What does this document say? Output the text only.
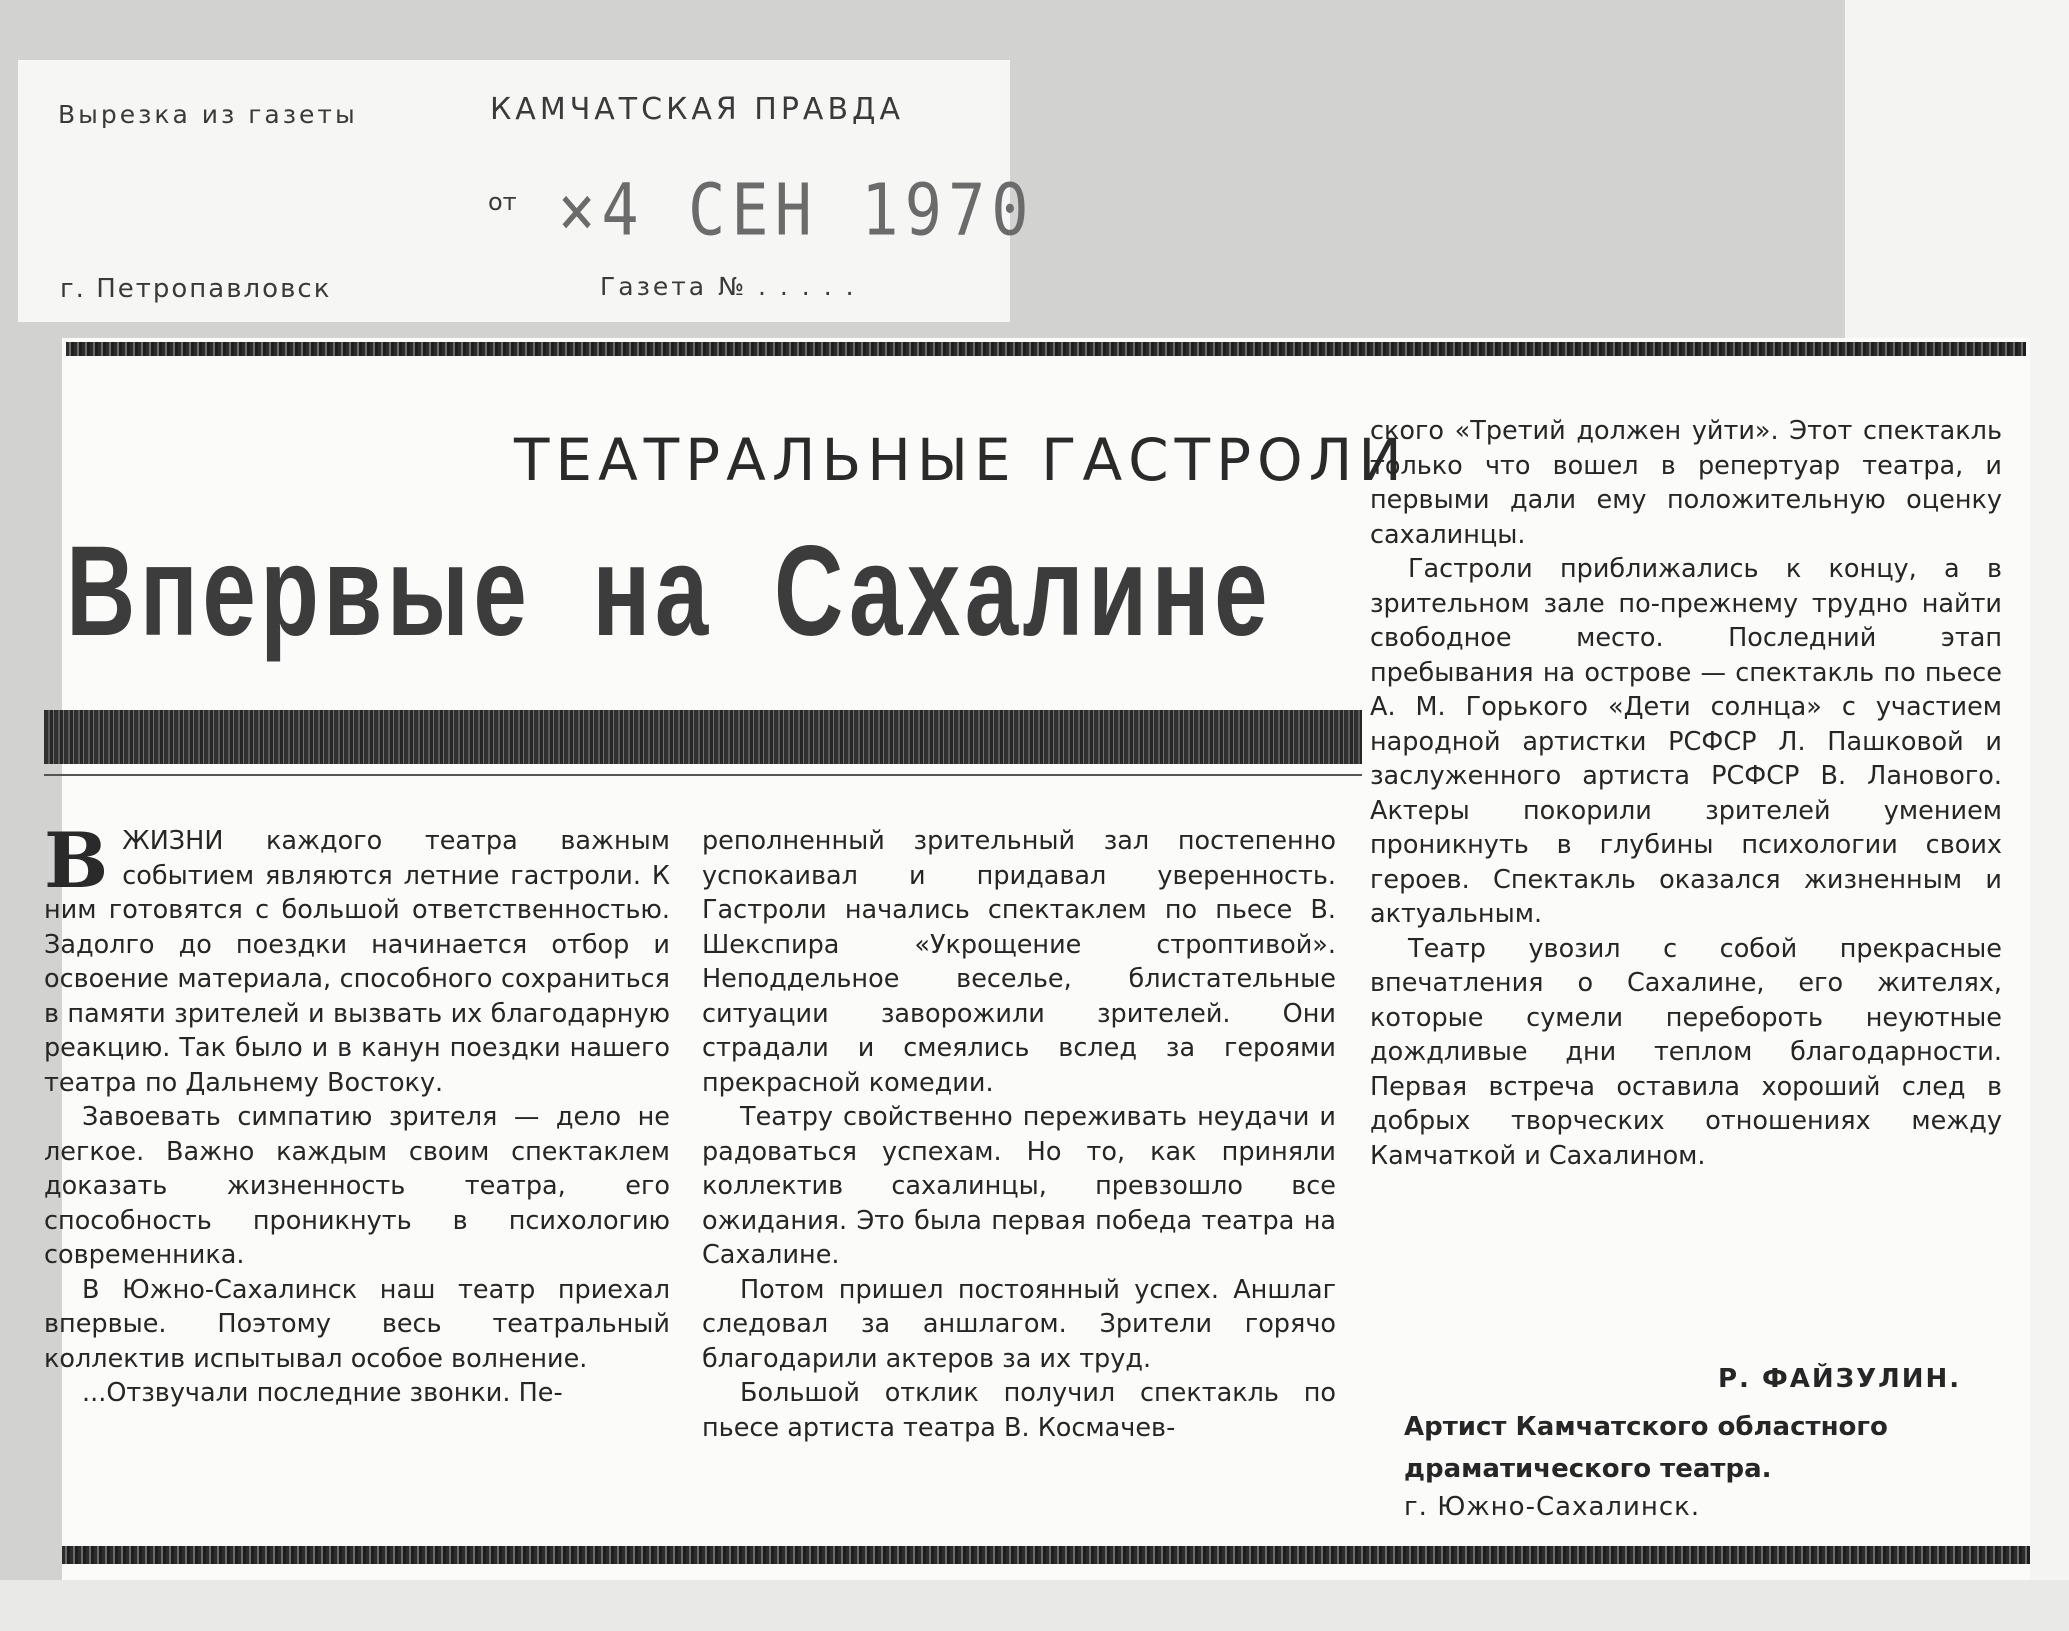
Вырезка из газеты	КАМЧАТСКАЯ ПРАВДА
от ×4 СЕН 1970
г. Петропавловск	Газета № . . . . .
ТЕАТРАЛЬНЫЕ ГАСТРОЛИ
Впервые на Сахалине

ВЖИЗНИ каждого театра важным событием являются летние гастроли. К ним готовятся с большой ответственностью. Задолго до поездки начинается отбор и освоение материала, способного сохраниться в памяти зрителей и вызвать их благодарную реакцию. Так было и в канун поездки нашего театра по Дальнему Востоку.

Завоевать симпатию зрителя — дело не легкое. Важно каждым своим спектаклем доказать жизненность театра, его способность проникнуть в психологию современника.

В Южно-Сахалинск наш театр приехал впервые. Поэтому весь театральный коллектив испытывал особое волнение.

...Отзвучали последние звонки. Пе-

реполненный зрительный зал постепенно успокаивал и придавал уверенность. Гастроли начались спектаклем по пьесе В. Шекспира «Укрощение строптивой». Неподдельное веселье, блистательные ситуации заворожили зрителей. Они страдали и смеялись вслед за героями прекрасной комедии.

Театру свойственно переживать неудачи и радоваться успехам. Но то, как приняли коллектив сахалинцы, превзошло все ожидания. Это была первая победа театра на Сахалине.

Потом пришел постоянный успех. Аншлаг следовал за аншлагом. Зрители горячо благодарили актеров за их труд.

Большой отклик получил спектакль по пьесе артиста театра В. Космачев-

ского «Третий должен уйти». Этот спектакль только что вошел в репертуар театра, и первыми дали ему положительную оценку сахалинцы.

Гастроли приближались к концу, а в зрительном зале по-прежнему трудно найти свободное место. Последний этап пребывания на острове — спектакль по пьесе А. М. Горького «Дети солнца» с участием народной артистки РСФСР Л. Пашковой и заслуженного артиста РСФСР В. Ланового. Актеры покорили зрителей умением проникнуть в глубины психологии своих героев. Спектакль оказался жизненным и актуальным.

Театр увозил с собой прекрасные впечатления о Сахалине, его жителях, которые сумели перебороть неуютные дождливые дни теплом благодарности. Первая встреча оставила хороший след в добрых творческих отношениях между Камчаткой и Сахалином.

Р. ФАЙЗУЛИН.
Артист Камчатского областного драматического театра.
г. Южно-Сахалинск.
